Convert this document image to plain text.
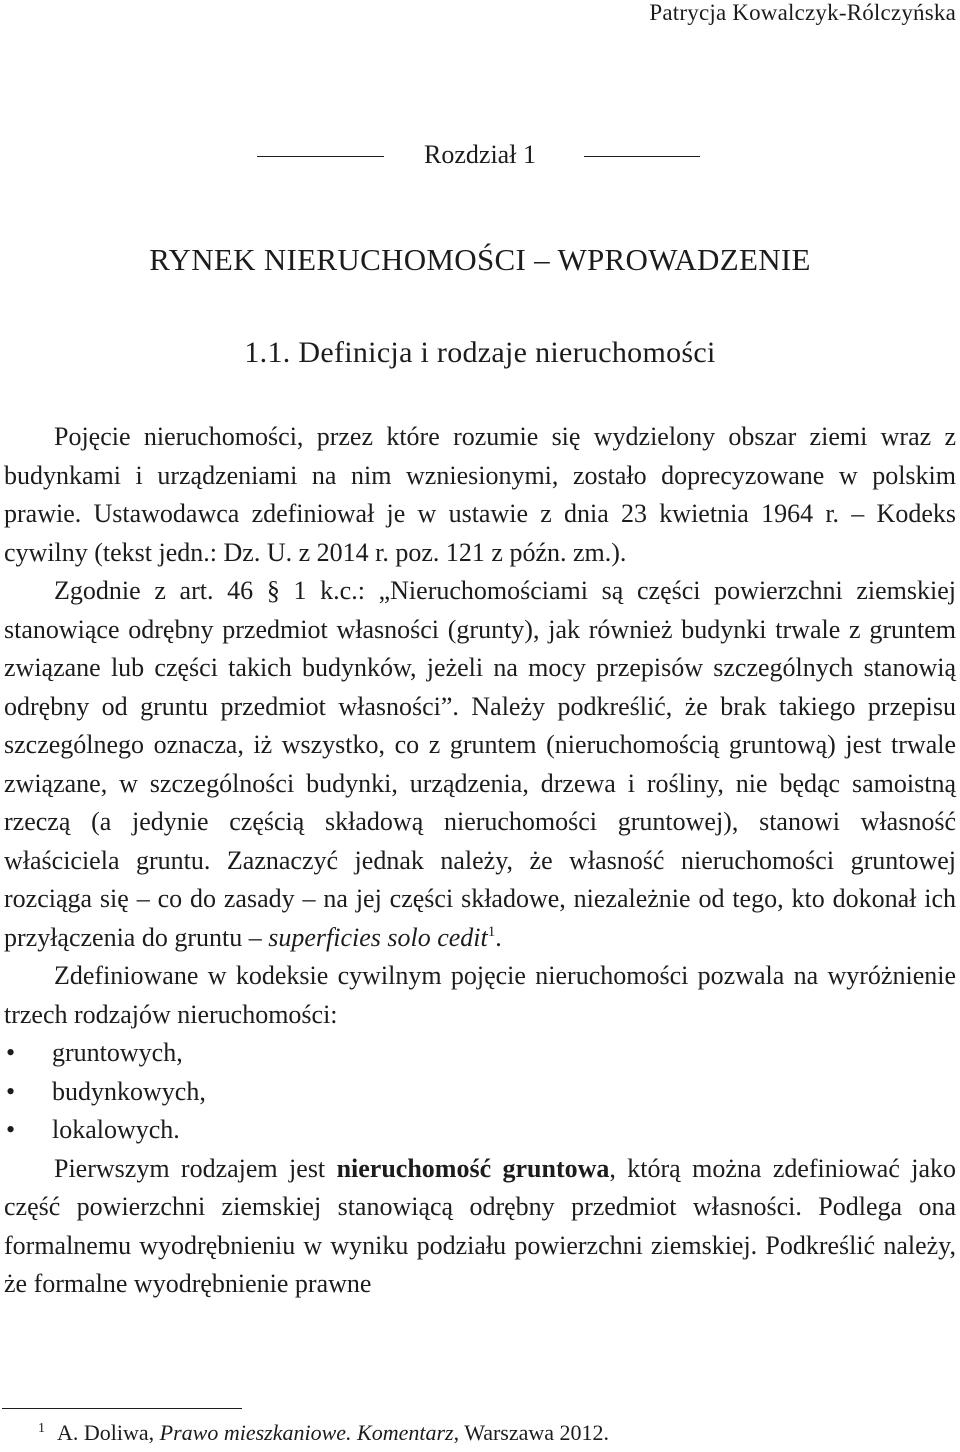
Patrycja Kowalczyk-Rólczyńska
Rozdział 1
RYNEK NIERUCHOMOŚCI – WPROWADZENIE
1.1. Definicja i rodzaje nieruchomości

Pojęcie nieruchomości, przez które rozumie się wydzielony obszar ziemi wraz z budynkami i urządzeniami na nim wzniesionymi, zostało doprecyzowane w polskim prawie. Ustawodawca zdefiniował je w ustawie z dnia 23 kwietnia 1964 r. – Kodeks cywilny (tekst jedn.: Dz. U. z 2014 r. poz. 121 z późn. zm.).

Zgodnie z art. 46 § 1 k.c.: „Nieruchomościami są części powierzchni ziemskiej stanowiące odrębny przedmiot własności (grunty), jak również budynki trwale z gruntem związane lub części takich budynków, jeżeli na mocy przepisów szczególnych stanowią odrębny od gruntu przedmiot własności”. Należy podkreślić, że brak takiego przepisu szczególnego oznacza, iż wszystko, co z gruntem (nieruchomością gruntową) jest trwale związane, w szczególności budynki, urządzenia, drzewa i rośliny, nie będąc samoistną rzeczą (a jedynie częścią składową nieruchomości gruntowej), stanowi własność właściciela gruntu. Zaznaczyć jednak należy, że własność nieruchomości gruntowej rozciąga się – co do zasady – na jej części składowe, niezależnie od tego, kto dokonał ich przyłączenia do gruntu – superficies solo cedit$^1$.

Zdefiniowane w kodeksie cywilnym pojęcie nieruchomości pozwala na wyróżnienie trzech rodzajów nieruchomości:

• gruntowych,
• budynkowych,
• lokalowych.

Pierwszym rodzajem jest nieruchomość gruntowa, którą można zdefiniować jako część powierzchni ziemskiej stanowiącą odrębny przedmiot własności. Podlega ona formalnemu wyodrębnieniu w wyniku podziału powierzchni ziemskiej. Podkreślić należy, że formalne wyodrębnienie prawne

$^1$ A. Doliwa, Prawo mieszkaniowe. Komentarz, Warszawa 2012.
